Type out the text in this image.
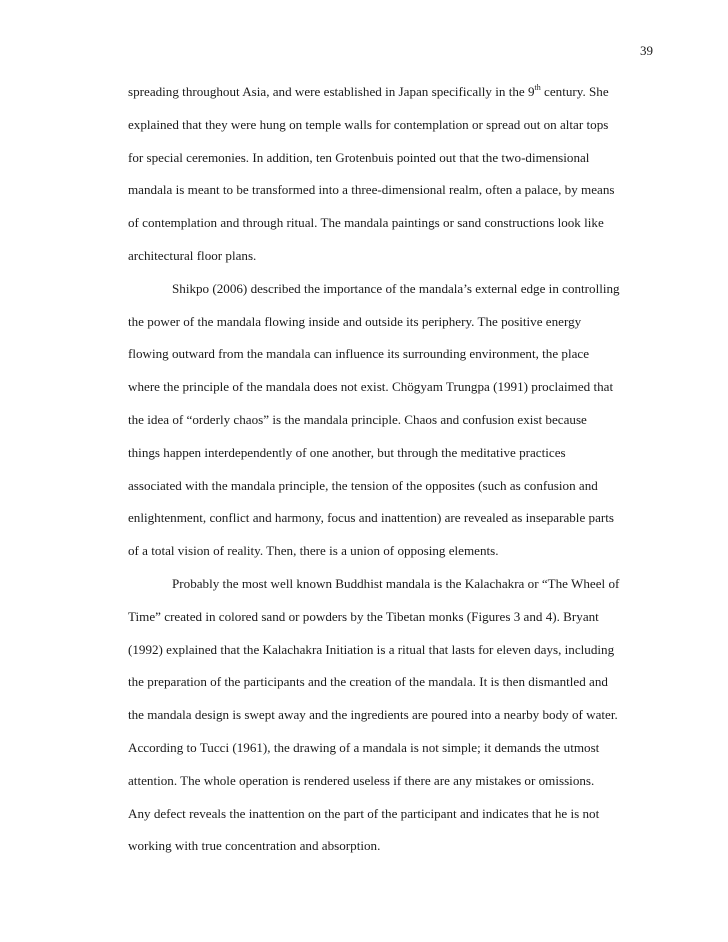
39
spreading throughout Asia, and were established in Japan specifically in the 9th century. She
explained that they were hung on temple walls for contemplation or spread out on altar tops
for special ceremonies. In addition, ten Grotenbuis pointed out that the two-dimensional
mandala is meant to be transformed into a three-dimensional realm, often a palace, by means
of contemplation and through ritual. The mandala paintings or sand constructions look like
architectural floor plans.
Shikpo (2006) described the importance of the mandala’s external edge in controlling
the power of the mandala flowing inside and outside its periphery. The positive energy
flowing outward from the mandala can influence its surrounding environment, the place
where the principle of the mandala does not exist. Chögyam Trungpa (1991) proclaimed that
the idea of “orderly chaos” is the mandala principle. Chaos and confusion exist because
things happen interdependently of one another, but through the meditative practices
associated with the mandala principle, the tension of the opposites (such as confusion and
enlightenment, conflict and harmony, focus and inattention) are revealed as inseparable parts
of a total vision of reality. Then, there is a union of opposing elements.
Probably the most well known Buddhist mandala is the Kalachakra or “The Wheel of
Time” created in colored sand or powders by the Tibetan monks (Figures 3 and 4). Bryant
(1992) explained that the Kalachakra Initiation is a ritual that lasts for eleven days, including
the preparation of the participants and the creation of the mandala. It is then dismantled and
the mandala design is swept away and the ingredients are poured into a nearby body of water.
According to Tucci (1961), the drawing of a mandala is not simple; it demands the utmost
attention. The whole operation is rendered useless if there are any mistakes or omissions.
Any defect reveals the inattention on the part of the participant and indicates that he is not
working with true concentration and absorption.
